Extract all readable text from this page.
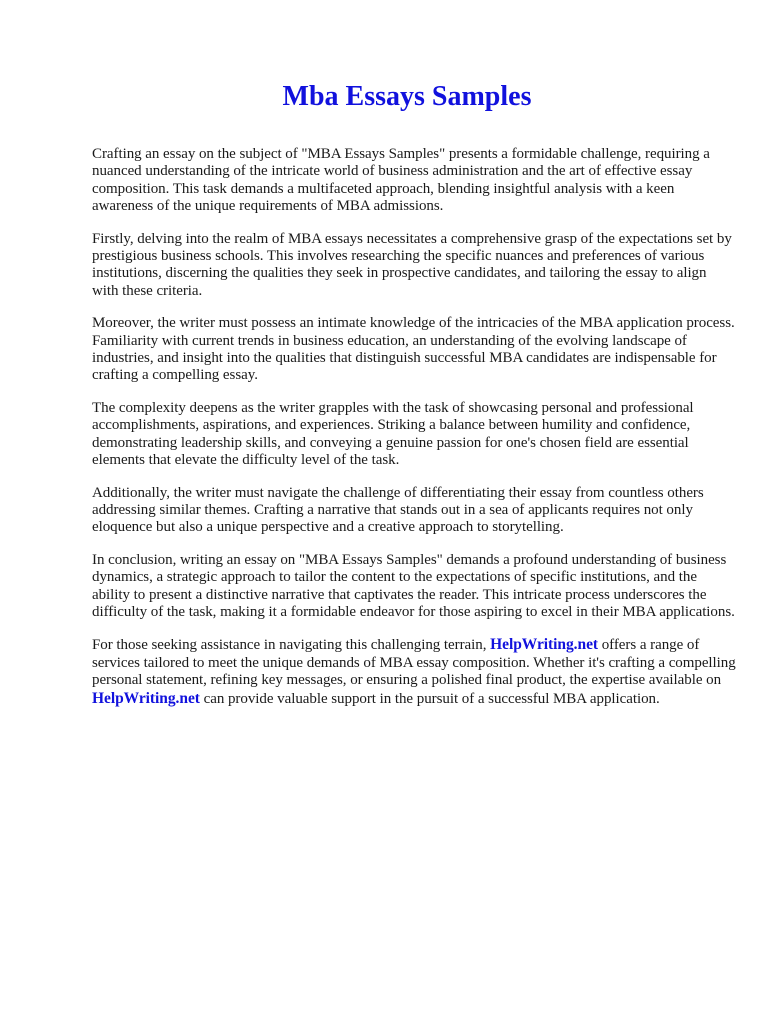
Mba Essays Samples

Crafting an essay on the subject of "MBA Essays Samples" presents a formidable challenge, requiring a nuanced understanding of the intricate world of business administration and the art of effective essay composition. This task demands a multifaceted approach, blending insightful analysis with a keen awareness of the unique requirements of MBA admissions.

Firstly, delving into the realm of MBA essays necessitates a comprehensive grasp of the expectations set by prestigious business schools. This involves researching the specific nuances and preferences of various institutions, discerning the qualities they seek in prospective candidates, and tailoring the essay to align with these criteria.

Moreover, the writer must possess an intimate knowledge of the intricacies of the MBA application process. Familiarity with current trends in business education, an understanding of the evolving landscape of industries, and insight into the qualities that distinguish successful MBA candidates are indispensable for crafting a compelling essay.

The complexity deepens as the writer grapples with the task of showcasing personal and professional accomplishments, aspirations, and experiences. Striking a balance between humility and confidence, demonstrating leadership skills, and conveying a genuine passion for one's chosen field are essential elements that elevate the difficulty level of the task.

Additionally, the writer must navigate the challenge of differentiating their essay from countless others addressing similar themes. Crafting a narrative that stands out in a sea of applicants requires not only eloquence but also a unique perspective and a creative approach to storytelling.

In conclusion, writing an essay on "MBA Essays Samples" demands a profound understanding of business dynamics, a strategic approach to tailor the content to the expectations of specific institutions, and the ability to present a distinctive narrative that captivates the reader. This intricate process underscores the difficulty of the task, making it a formidable endeavor for those aspiring to excel in their MBA applications.

For those seeking assistance in navigating this challenging terrain, HelpWriting.net offers a range of services tailored to meet the unique demands of MBA essay composition. Whether it's crafting a compelling personal statement, refining key messages, or ensuring a polished final product, the expertise available on HelpWriting.net can provide valuable support in the pursuit of a successful MBA application.
